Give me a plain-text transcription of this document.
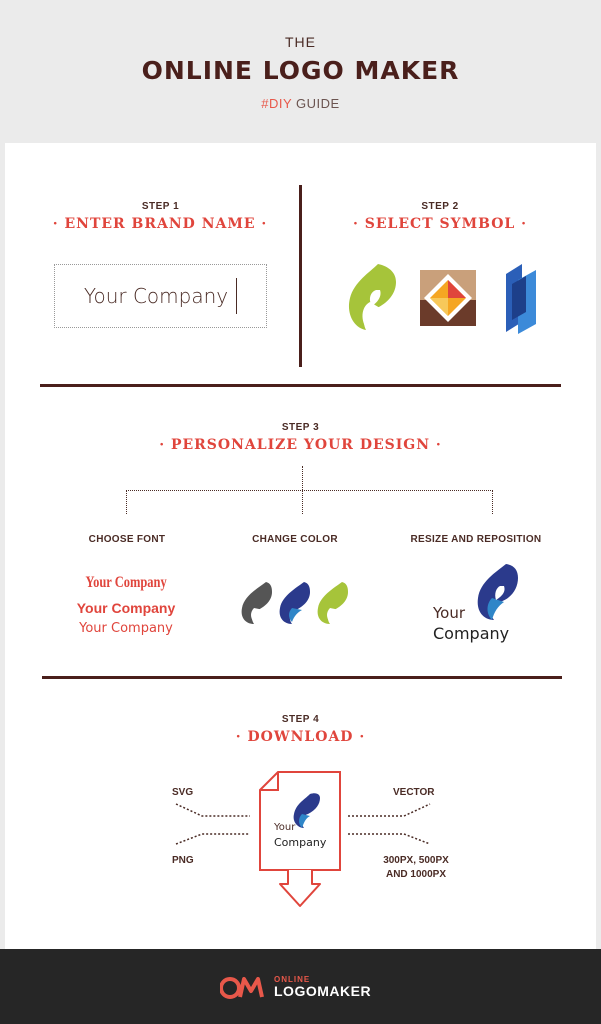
THE
ONLINE LOGO MAKER
#DIY GUIDE
STEP 1
· ENTER BRAND NAME ·
Your Company
STEP 2
· SELECT SYMBOL ·
STEP 3
· PERSONALIZE YOUR DESIGN ·
CHOOSE FONT	CHANGE COLOR	RESIZE AND REPOSITION
Your Company
Your Company
Your Company
Your
Company
STEP 4
· DOWNLOAD ·
SVG
PNG
VECTOR
300PX, 500PX
AND 1000PX
Your
Company
ONLINE
LOGOMAKER
